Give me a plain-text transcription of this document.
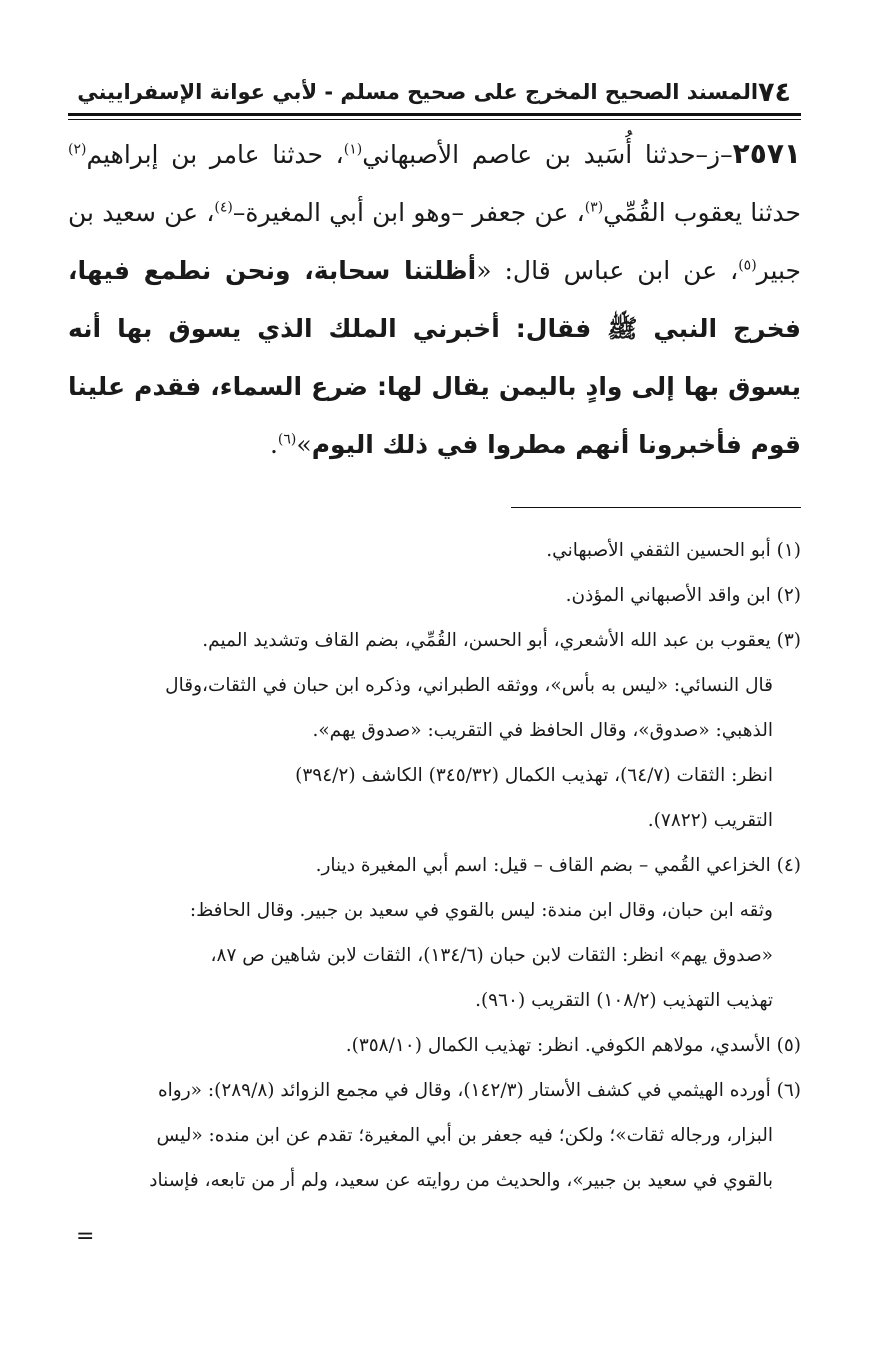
٧٤
المسند الصحيح المخرج على صحيح مسلم - لأبي عوانة الإسفراييني
٢٥٧١–ز–حدثنا أُسَيد بن عاصم الأصبهاني$^{(١)}$، حدثنا عامر بن إبراهيم$^{(٢)}$ حدثنا يعقوب القُمِّي$^{(٣)}$، عن جعفر –وهو ابن أبي المغيرة–$^{(٤)}$، عن سعيد بن جبير$^{(٥)}$، عن ابن عباس قال: «أظلتنا سحابة، ونحن نطمع فيها، فخرج النبي ﷺ فقال: أخبرني الملك الذي يسوق بها أنه يسوق بها إلى وادٍ باليمن يقال لها: ضرع السماء، فقدم علينا قوم فأخبرونا أنهم مطروا في ذلك اليوم»$^{(٦)}$.
(١) أبو الحسين الثقفي الأصبهاني.
(٢) ابن واقد الأصبهاني المؤذن.
(٣) يعقوب بن عبد الله الأشعري، أبو الحسن، القُمِّي، بضم القاف وتشديد الميم.
قال النسائي: «ليس به بأس»، ووثقه الطبراني، وذكره ابن حبان في الثقات،وقال
الذهبي: «صدوق»، وقال الحافظ في التقريب: «صدوق يهم».
انظر: الثقات (٦٤/٧)، تهذيب الكمال (٣٤٥/٣٢) الكاشف (٣٩٤/٢)
التقريب (٧٨٢٢).
(٤) الخزاعي القُمي – بضم القاف – قيل: اسم أبي المغيرة دينار.
وثقه ابن حبان، وقال ابن مندة: ليس بالقوي في سعيد بن جبير. وقال الحافظ:
«صدوق يهم» انظر: الثقات لابن حبان (١٣٤/٦)، الثقات لابن شاهين ص ٨٧،
تهذيب التهذيب (١٠٨/٢) التقريب (٩٦٠).
(٥) الأسدي، مولاهم الكوفي. انظر: تهذيب الكمال (٣٥٨/١٠).
(٦) أورده الهيثمي في كشف الأستار (١٤٢/٣)، وقال في مجمع الزوائد (٢٨٩/٨): «رواه
البزار، ورجاله ثقات»؛ ولكن؛ فيه جعفر بن أبي المغيرة؛ تقدم عن ابن منده: «ليس
بالقوي في سعيد بن جبير»، والحديث من روايته عن سعيد، ولم أر من تابعه، فإسناد
=
